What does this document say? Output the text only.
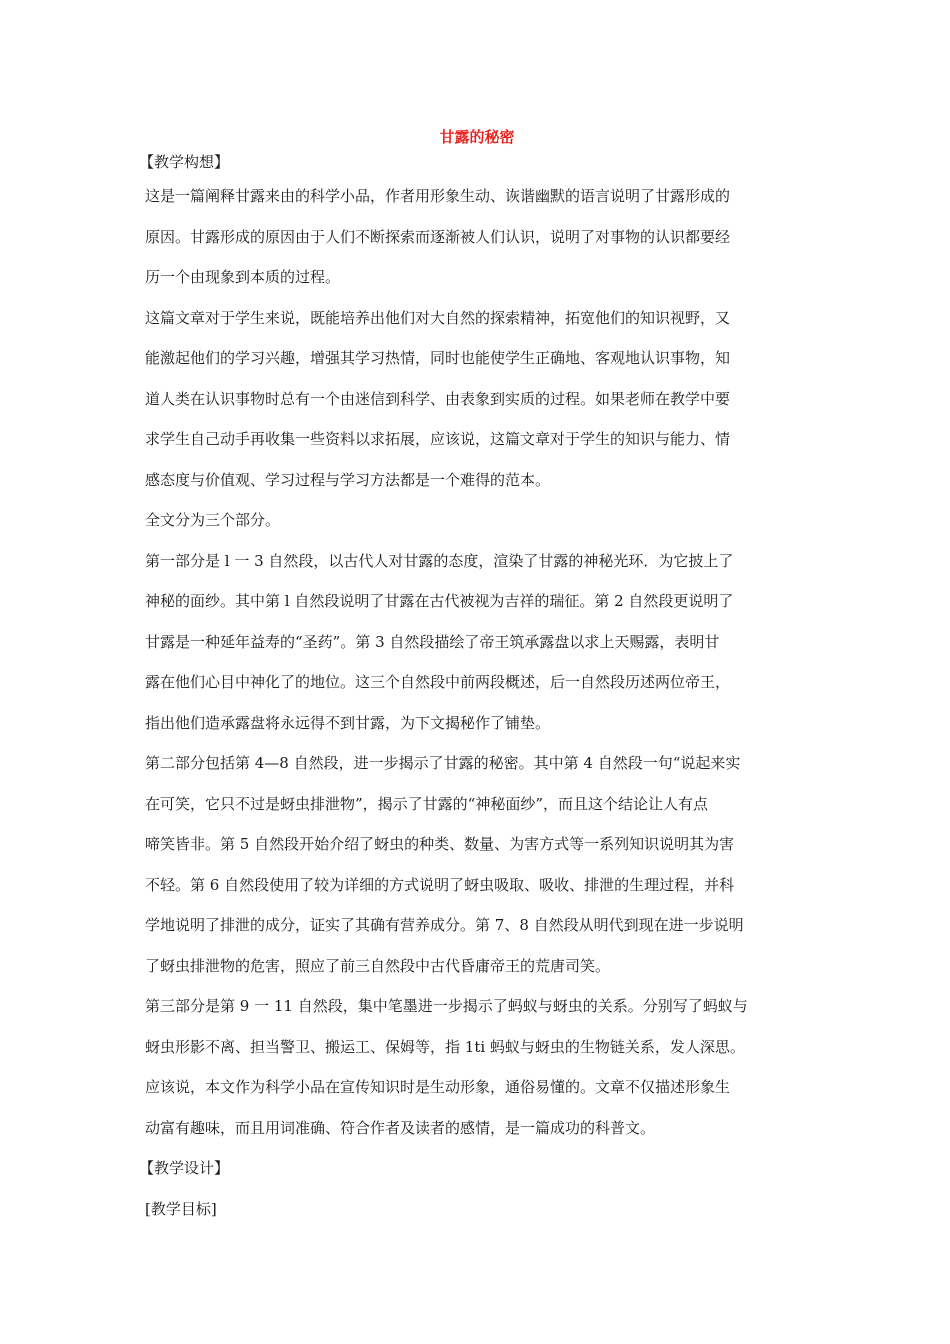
甘露的秘密

【教学构想】

这是一篇阐释甘露来由的科学小品，作者用形象生动、诙谐幽默的语言说明了甘露形成的
原因。甘露形成的原因由于人们不断探索而逐渐被人们认识，说明了对事物的认识都要经
历一个由现象到本质的过程。
这篇文章对于学生来说，既能培养出他们对大自然的探索精神，拓宽他们的知识视野，又
能激起他们的学习兴趣，增强其学习热情，同时也能使学生正确地、客观地认识事物，知
道人类在认识事物时总有一个由迷信到科学、由表象到实质的过程。如果老师在教学中要
求学生自己动手再收集一些资料以求拓展，应该说，这篇文章对于学生的知识与能力、情
感态度与价值观、学习过程与学习方法都是一个难得的范本。
全文分为三个部分。
第一部分是 l 一 3 自然段，以古代人对甘露的态度，渲染了甘露的神秘光环．为它披上了
神秘的面纱。其中第 l 自然段说明了甘露在古代被视为吉祥的瑞征。第 2 自然段更说明了
甘露是一种延年益寿的“圣药”。第 3 自然段描绘了帝王筑承露盘以求上天赐露，表明甘
露在他们心目中神化了的地位。这三个自然段中前两段概述，后一自然段历述两位帝王，
指出他们造承露盘将永远得不到甘露，为下文揭秘作了铺垫。
第二部分包括第 4—8 自然段，进一步揭示了甘露的秘密。其中第 4 自然段一句“说起来实
在可笑，它只不过是蚜虫排泄物”，揭示了甘露的“神秘面纱”，而且这个结论让人有点
啼笑皆非。第 5 自然段开始介绍了蚜虫的种类、数量、为害方式等一系列知识说明其为害
不轻。第 6 自然段使用了较为详细的方式说明了蚜虫吸取、吸收、排泄的生理过程，并科
学地说明了排泄的成分，证实了其确有营养成分。第 7、8 自然段从明代到现在进一步说明
了蚜虫排泄物的危害，照应了前三自然段中古代昏庸帝王的荒唐司笑。
第三部分是第 9 一 11 自然段，集中笔墨进一步揭示了蚂蚁与蚜虫的关系。分别写了蚂蚁与
蚜虫形影不离、担当警卫、搬运工、保姆等，指 1ti 蚂蚁与蚜虫的生物链关系，发人深思。
应该说，本文作为科学小品在宣传知识时是生动形象，通俗易懂的。文章不仅描述形象生
动富有趣味，而且用词准确、符合作者及读者的感情，是一篇成功的科普文。
【教学设计】
[教学目标]
